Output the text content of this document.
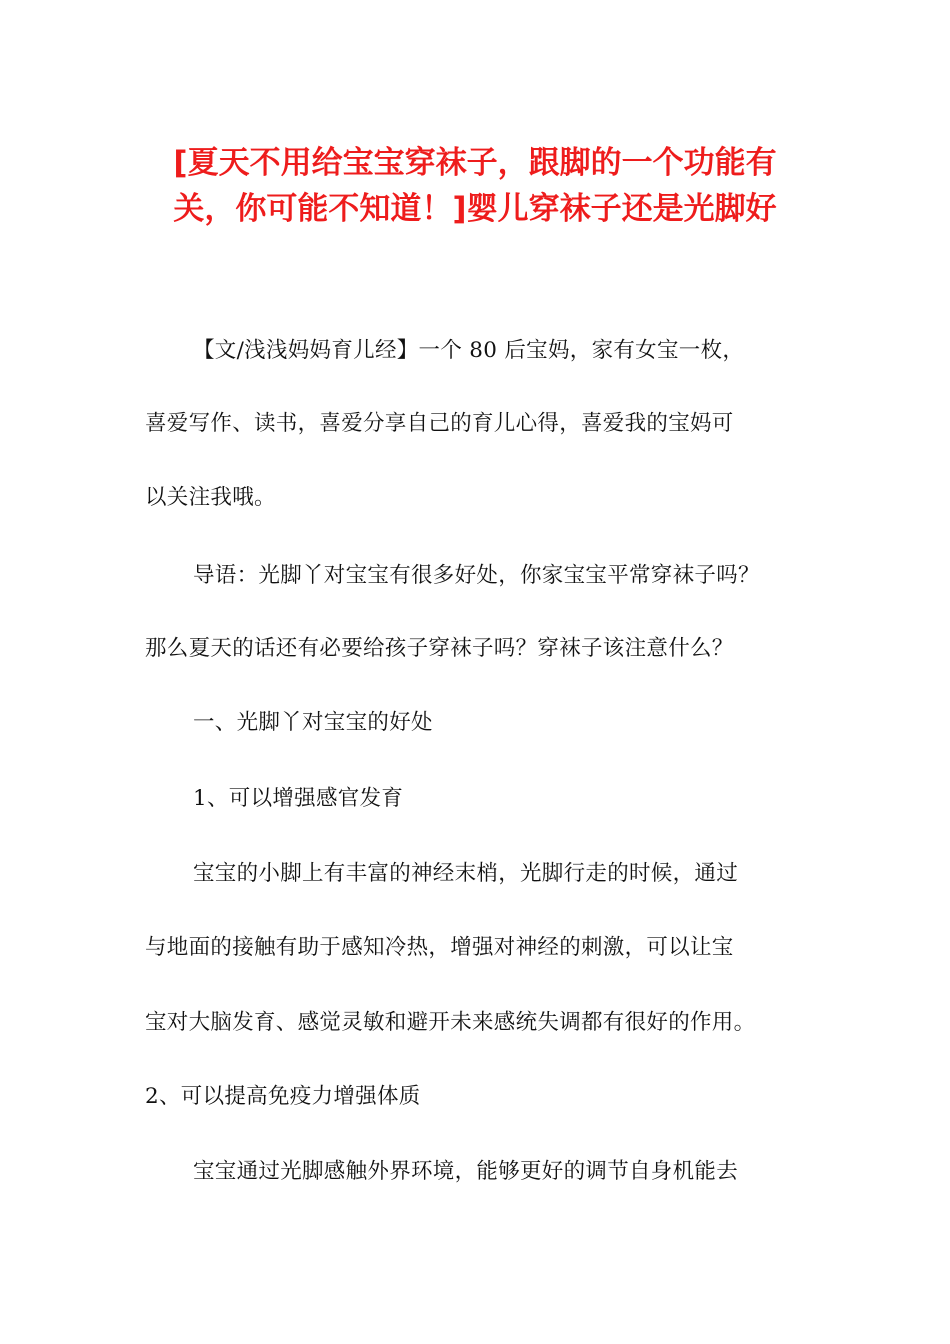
[夏天不用给宝宝穿袜子，跟脚的一个功能有
关，你可能不知道！]婴儿穿袜子还是光脚好

【文/浅浅妈妈育儿经】一个 80 后宝妈，家有女宝一枚，

喜爱写作、读书，喜爱分享自己的育儿心得，喜爱我的宝妈可

以关注我哦。

导语：光脚丫对宝宝有很多好处，你家宝宝平常穿袜子吗？

那么夏天的话还有必要给孩子穿袜子吗？穿袜子该注意什么？

一、光脚丫对宝宝的好处

1、可以增强感官发育

宝宝的小脚上有丰富的神经末梢，光脚行走的时候，通过

与地面的接触有助于感知冷热，增强对神经的刺激，可以让宝

宝对大脑发育、感觉灵敏和避开未来感统失调都有很好的作用。

2、可以提高免疫力增强体质

宝宝通过光脚感触外界环境，能够更好的调节自身机能去
